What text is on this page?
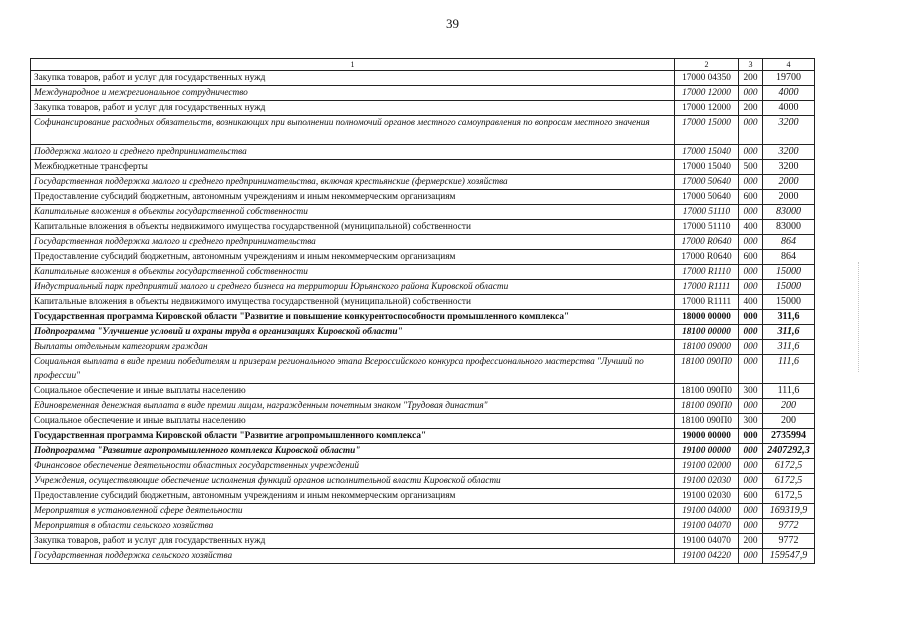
39
1	2	3	4
Закупка товаров, работ и услуг для государственных нужд	17000 04350	200	19700
Международное и межрегиональное сотрудничество	17000 12000	000	4000
Закупка товаров, работ и услуг для государственных нужд	17000 12000	200	4000
Софинансирование расходных обязательств, возникающих при выполнении полномочий органов местного самоуправления по вопросам местного значения	17000 15000	000	3200
Поддержка малого и среднего предпринимательства	17000 15040	000	3200
Межбюджетные трансферты	17000 15040	500	3200
Государственная поддержка малого и среднего предпринимательства, включая крестьянские (фермерские) хозяйства	17000 50640	000	2000
Предоставление субсидий бюджетным, автономным учреждениям и иным некоммерческим организациям	17000 50640	600	2000
Капитальные вложения в объекты государственной собственности	17000 51110	000	83000
Капитальные вложения в объекты недвижимого имущества государственной (муниципальной) собственности	17000 51110	400	83000
Государственная поддержка малого и среднего предпринимательства	17000 R0640	000	864
Предоставление субсидий бюджетным, автономным учреждениям и иным некоммерческим организациям	17000 R0640	600	864
Капитальные вложения в объекты государственной собственности	17000 R1110	000	15000
Индустриальный парк предприятий малого и среднего бизнеса на территории Юрьянского района Кировской области	17000 R1111	000	15000
Капитальные вложения в объекты недвижимого имущества государственной (муниципальной) собственности	17000 R1111	400	15000
Государственная программа Кировской области "Развитие и повышение конкурентоспособности промышленного комплекса"	18000 00000	000	311,6
Подпрограмма "Улучшение условий и охраны труда в организациях Кировской области"	18100 00000	000	311,6
Выплаты отдельным категориям граждан	18100 09000	000	311,6
Социальная выплата в виде премии победителям и призерам регионального этапа Всероссийского конкурса профессионального мастерства "Лучший по профессии"	18100 090П0	000	111,6
Социальное обеспечение и иные выплаты населению	18100 090П0	300	111,6
Единовременная денежная выплата в виде премии лицам, награжденным почетным знаком "Трудовая династия"	18100 090П0	000	200
Социальное обеспечение и иные выплаты населению	18100 090П0	300	200
Государственная программа Кировской области "Развитие агропромышленного комплекса"	19000 00000	000	2735994
Подпрограмма "Развитие агропромышленного комплекса Кировской области"	19100 00000	000	2407292,3
Финансовое обеспечение деятельности областных государственных учреждений	19100 02000	000	6172,5
Учреждения, осуществляющие обеспечение исполнения функций органов исполнительной власти Кировской области	19100 02030	000	6172,5
Предоставление субсидий бюджетным, автономным учреждениям и иным некоммерческим организациям	19100 02030	600	6172,5
Мероприятия в установленной сфере деятельности	19100 04000	000	169319,9
Мероприятия в области сельского хозяйства	19100 04070	000	9772
Закупка товаров, работ и услуг для государственных нужд	19100 04070	200	9772
Государственная поддержка сельского хозяйства	19100 04220	000	159547,9
